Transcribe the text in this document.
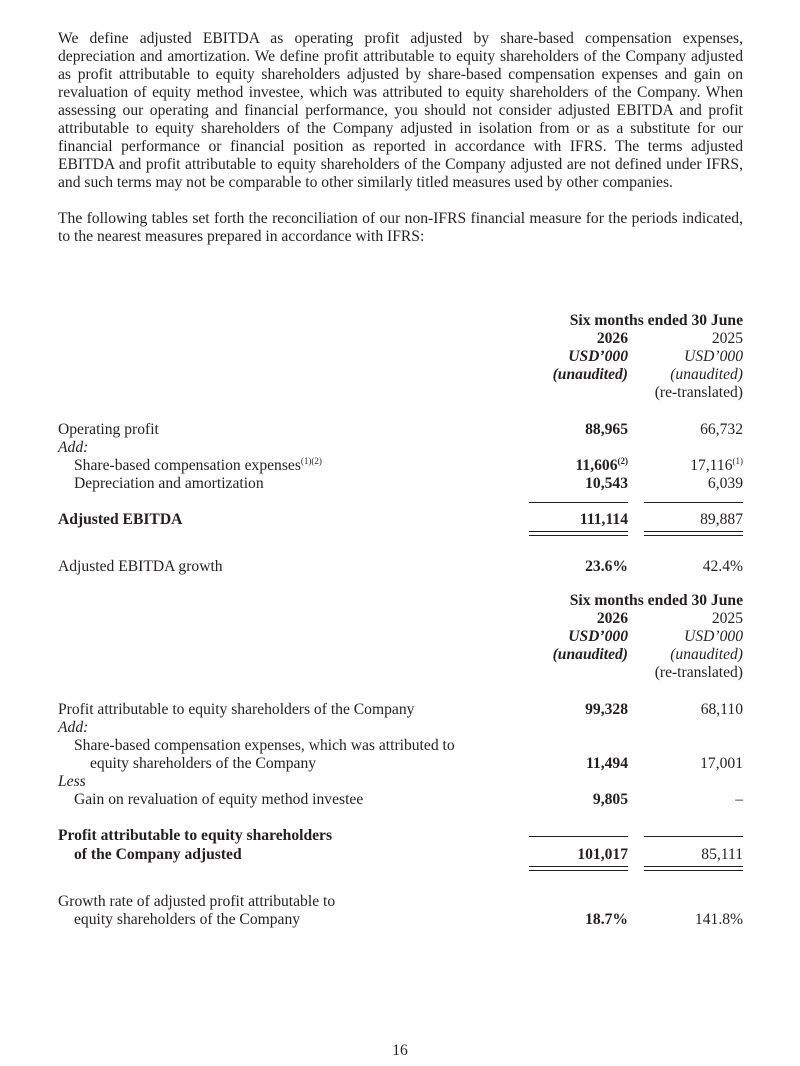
We define adjusted EBITDA as operating profit adjusted by share-based compensation expenses, depreciation and amortization. We define profit attributable to equity shareholders of the Company adjusted as profit attributable to equity shareholders adjusted by share-based compensation expenses and gain on revaluation of equity method investee, which was attributed to equity shareholders of the Company. When assessing our operating and financial performance, you should not consider adjusted EBITDA and profit attributable to equity shareholders of the Company adjusted in isolation from or as a substitute for our financial performance or financial position as reported in accordance with IFRS. The terms adjusted EBITDA and profit attributable to equity shareholders of the Company adjusted are not defined under IFRS, and such terms may not be comparable to other similarly titled measures used by other companies.

The following tables set forth the reconciliation of our non-IFRS financial measure for the periods indicated, to the nearest measures prepared in accordance with IFRS:

Six months ended 30 June
2026	2025
USD’000	USD’000
(unaudited)	(unaudited)
(re-translated)
Operating profit	88,965	66,732
Add:
Share-based compensation expenses$^{(1)(2)}$	11,606$^{(2)}$	17,116$^{(1)}$
Depreciation and amortization	10,543	6,039
Adjusted EBITDA	111,114	89,887
Adjusted EBITDA growth	23.6%	42.4%
Six months ended 30 June
2026	2025
USD’000	USD’000
(unaudited)	(unaudited)
(re-translated)
Profit attributable to equity shareholders of the Company	99,328	68,110
Add:
Share-based compensation expenses, which was attributed to
equity shareholders of the Company	11,494	17,001
Less
Gain on revaluation of equity method investee	9,805	–
Profit attributable to equity shareholders
of the Company adjusted	101,017	85,111
Growth rate of adjusted profit attributable to
equity shareholders of the Company	18.7%	141.8%
16
